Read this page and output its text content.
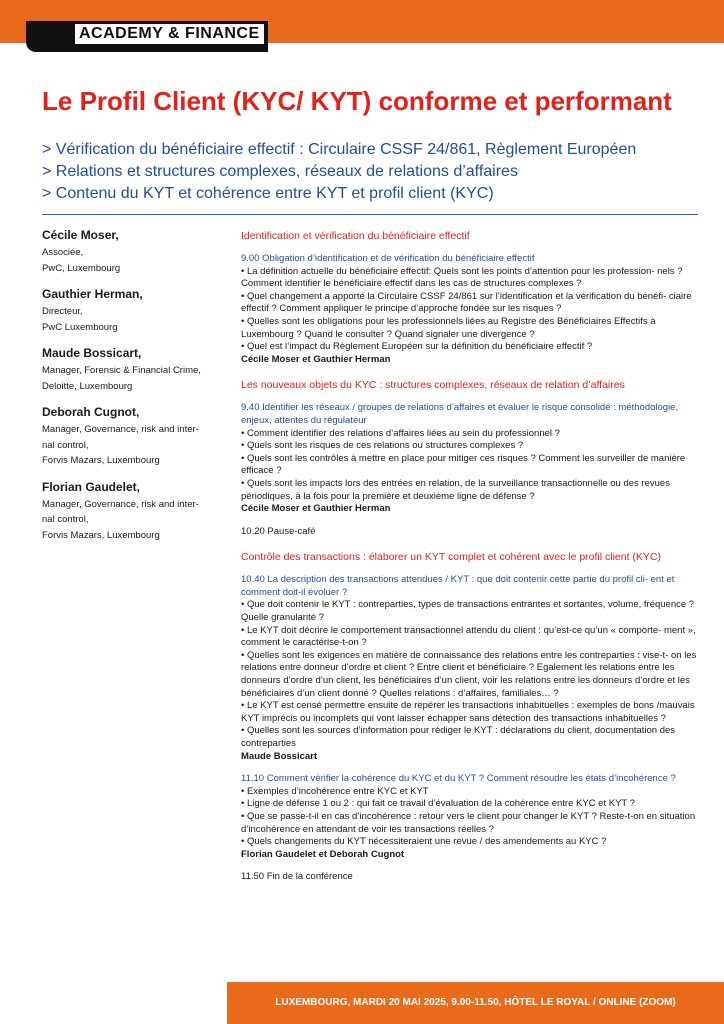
ACADEMY & FINANCE
Le Profil Client (KYC/ KYT) conforme et performant
> Vérification du bénéficiaire effectif : Circulaire CSSF 24/861, Règlement Européen
> Relations et structures complexes, réseaux de relations d’affaires
> Contenu du KYT et cohérence entre KYT et profil client (KYC)
Cécile Moser,
Associée,
PwC, Luxembourg
Gauthier Herman,
Directeur,
PwC Luxembourg
Maude Bossicart,
Manager, Forensic & Financial Crime,
Deloitte, Luxembourg
Deborah Cugnot,
Manager, Governance, risk and inter-
nal control,
Forvis Mazars, Luxembourg
Florian Gaudelet,
Manager, Governance, risk and inter-
nal control,
Forvis Mazars, Luxembourg

Identification et vérification du bénéficiaire effectif

9.00 Obligation d’identification et de vérification du bénéficiaire effectif

• La définition actuelle du bénéficiaire effectif: Quels sont les points d’attention pour les profession- nels ? Comment identifier le bénéficiaire effectif dans les cas de structures complexes ?

• Quel changement a apporté la Circulaire CSSF 24/861 sur l’identification et la vérification du bénéfi- ciaire effectif ? Comment appliquer le principe d’approche fondée sur les risques ?

• Quelles sont les obligations pour les professionnels liées au Registre des Bénéficiaires Effectifs à Luxembourg ? Quand le consulter ? Quand signaler une divergence ?

• Quel est l’impact du Règlement Européen sur la définition du bénéficiaire effectif ?

Cécile Moser et Gauthier Herman

Les nouveaux objets du KYC : structures complexes, réseaux de relation d’affaires

9.40 Identifier les réseaux / groupes de relations d’affaires et évaluer le risque consolidé : méthodologie, enjeux, attentes du régulateur

• Comment identifier des relations d’affaires liées au sein du professionnel ?

• Quels sont les risques de ces relations ou structures complexes ?

• Quels sont les contrôles à mettre en place pour mitiger ces risques ? Comment les surveiller de manière efficace ?

• Quels sont les impacts lors des entrées en relation, de la surveillance transactionnelle ou des revues périodiques, à la fois pour la première et deuxième ligne de défense ?

Cécile Moser et Gauthier Herman

10.20 Pause-café

Contrôle des transactions : élaborer un KYT complet et cohérent avec le profil client (KYC)

10.40 La description des transactions attendues / KYT : que doit contenir cette partie du profil cli- ent et comment doit-il évoluer ?

• Que doit contenir le KYT : contreparties, types de transactions entrantes et sortantes, volume, fréquence ? Quelle granularité ?

• Le KYT doit décrire le comportement transactionnel attendu du client : qu’est-ce qu’un « comporte- ment », comment le caractérise-t-on ?

• Quelles sont les exigences en matière de connaissance des relations entre les contreparties : vise-t- on les relations entre donneur d’ordre et client ? Entre client et bénéficiaire ? Egalement les relations entre les donneurs d’ordre d’un client, les bénéficiaires d’un client, voir les relations entre les donneurs d’ordre et les bénéficiaires d’un client donné ? Quelles relations : d’affaires, familiales… ?

• Le KYT est censé permettre ensuite de repérer les transactions inhabituelles : exemples de bons /mauvais KYT imprécis ou incomplets qui vont laisser échapper sans détection des transactions inhabituelles ?

• Quelles sont les sources d’information pour rédiger le KYT : déclarations du client, documentation des contreparties

Maude Bossicart
11.10 Comment vérifier la cohérence du KYC et du KYT ? Comment résoudre les états d’incohérence ?

• Exemples d’incohérence entre KYC et KYT

• Ligne de défense 1 ou 2 : qui fait ce travail d’évaluation de la cohérence entre KYC et KYT ?

• Que se passe-t-il en cas d’incohérence : retour vers le client pour changer le KYT ? Reste-t-on en situation d’incohérence en attendant de voir les transactions réelles ?

• Quels changements du KYT nécessiteraient une revue / des amendements au KYC ?

Florian Gaudelet et Deborah Cugnot

11.50 Fin de la conférence

LUXEMBOURG, MARDI 20 MAI 2025, 9.00-11.50, HÔTEL LE ROYAL / ONLINE (ZOOM)
